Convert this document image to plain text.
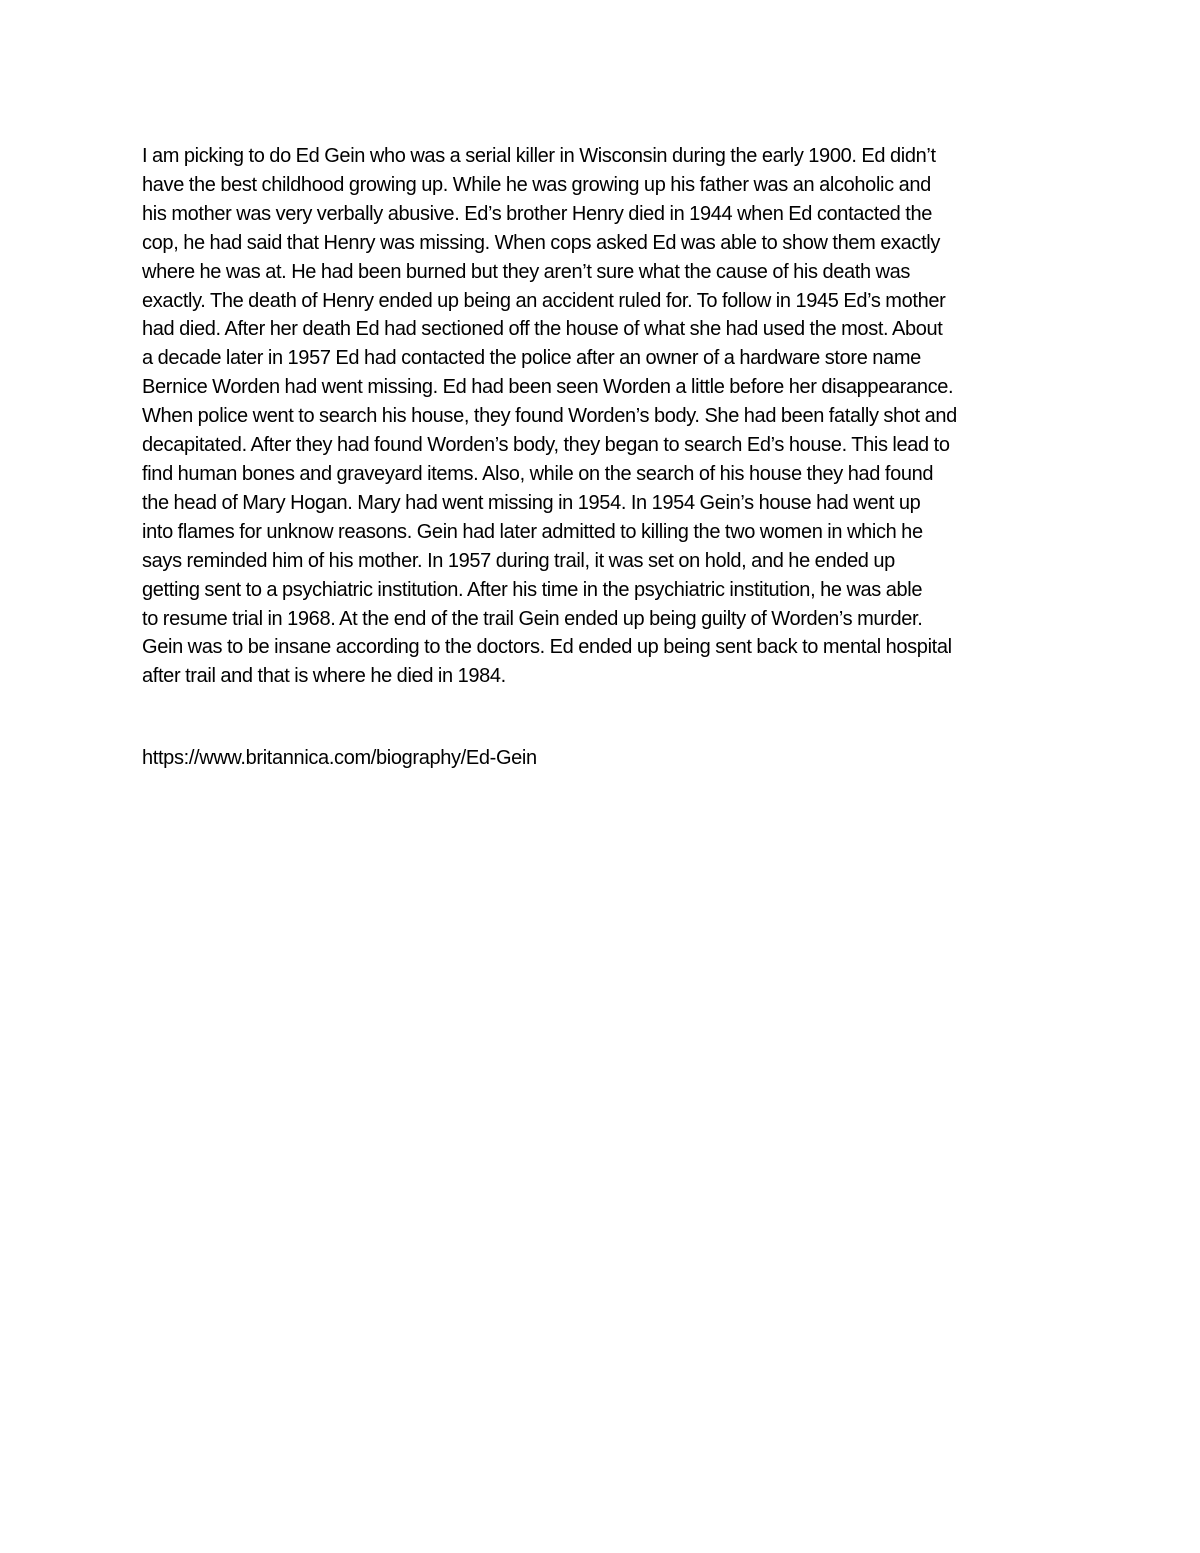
I am picking to do Ed Gein who was a serial killer in Wisconsin during the early 1900. Ed didn’t
have the best childhood growing up. While he was growing up his father was an alcoholic and
his mother was very verbally abusive. Ed’s brother Henry died in 1944 when Ed contacted the
cop, he had said that Henry was missing. When cops asked Ed was able to show them exactly
where he was at. He had been burned but they aren’t sure what the cause of his death was
exactly. The death of Henry ended up being an accident ruled for. To follow in 1945 Ed’s mother
had died. After her death Ed had sectioned off the house of what she had used the most. About
a decade later in 1957 Ed had contacted the police after an owner of a hardware store name
Bernice Worden had went missing. Ed had been seen Worden a little before her disappearance.
When police went to search his house, they found Worden’s body. She had been fatally shot and
decapitated. After they had found Worden’s body, they began to search Ed’s house. This lead to
find human bones and graveyard items. Also, while on the search of his house they had found
the head of Mary Hogan. Mary had went missing in 1954. In 1954 Gein’s house had went up
into flames for unknow reasons. Gein had later admitted to killing the two women in which he
says reminded him of his mother. In 1957 during trail, it was set on hold, and he ended up
getting sent to a psychiatric institution. After his time in the psychiatric institution, he was able
to resume trial in 1968. At the end of the trail Gein ended up being guilty of Worden’s murder.
Gein was to be insane according to the doctors. Ed ended up being sent back to mental hospital
after trail and that is where he died in 1984.

https://www.britannica.com/biography/Ed-Gein
